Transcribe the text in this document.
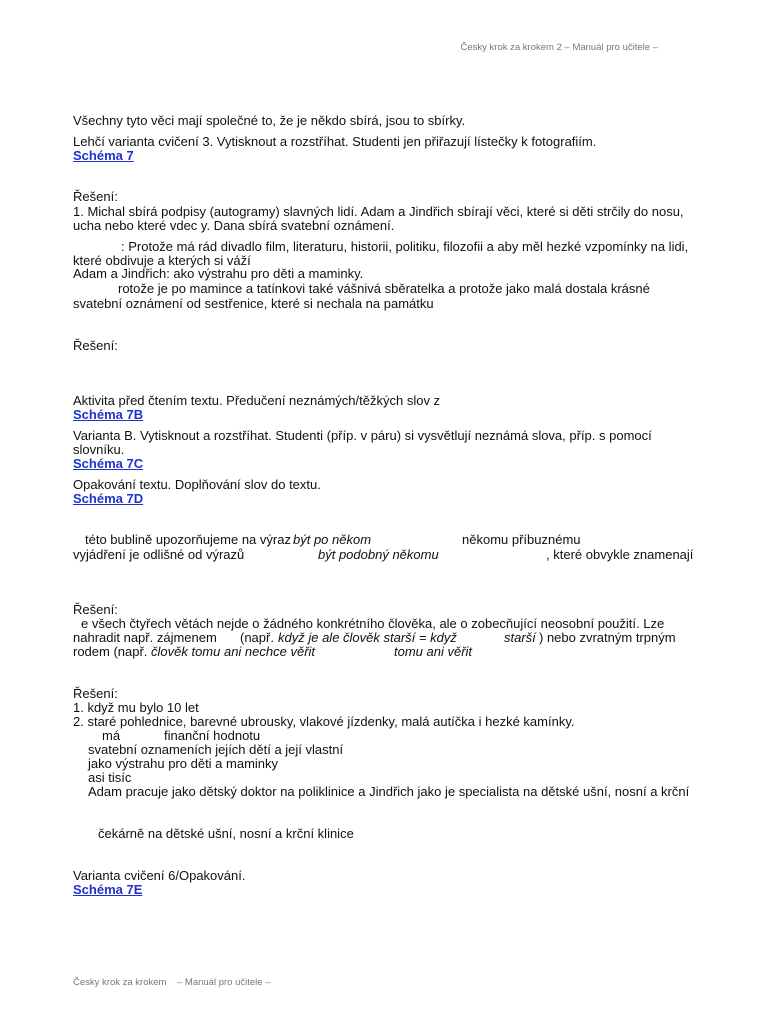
Česky krok za krokem 2 – Manuál pro učitele –
Všechny tyto věci mají společné to, že je někdo sbírá, jsou to sbírky.
Lehčí varianta cvičení 3. Vytisknout a rozstříhat. Studenti jen přiřazují lístečky k fotografiím.
Schéma 7
Řešení:
1. Michal sbírá podpisy (autogramy) slavných lidí. Adam a Jindřich sbírají věci, které si děti strčily do nosu,
ucha nebo které vdec y. Dana sbírá svatební oznámení.
: Protože má rád divadlo film, literaturu, historii, politiku, filozofii a aby měl hezké vzpomínky na lidi,
které obdivuje a kterých si váží
Adam a Jindřich: ako výstrahu pro děti a maminky.
rotože je po mamince a tatínkovi také vášnivá sběratelka a protože jako malá dostala krásné
svatební oznámení od sestřenice, které si nechala na památku
Řešení:
Aktivita před čtením textu. Předučení neznámých/těžkých slov z
Schéma 7B
Varianta B. Vytisknout a rozstříhat. Studenti (příp. v páru) si vysvětlují neznámá slova, příp. s pomocí
slovníku.
Schéma 7C
Opakování textu. Doplňování slov do textu.
Schéma 7D
této bublině upozorňujeme na výraz být po někom	někomu příbuznému
vyjádření je odlišné od výrazů	být podobný někomu	, které obvykle znamenají
Řešení:
e všech čtyřech větách nejde o žádného konkrétního člověka, ale o zobecňující neosobní použití. Lze
nahradit např. zájmenem (např. když je ale člověk starší = když	starší ) nebo zvratným trpným
rodem (např. člověk tomu ani nechce věřit	tomu ani věřit
Řešení:
1. když mu bylo 10 let
2. staré pohlednice, barevné ubrousky, vlakové jízdenky, malá autíčka i hezké kamínky.
má	finanční hodnotu
svatební oznameních jejích dětí a její vlastní
jako výstrahu pro děti a maminky
asi tisíc
Adam pracuje jako dětský doktor na poliklinice a Jindřich jako je specialista na dětské ušní, nosní a krční
čekárně na dětské ušní, nosní a krční klinice
Varianta cvičení 6/Opakování.
Schéma 7E
Česky krok za krokem – Manuál pro učitele –
